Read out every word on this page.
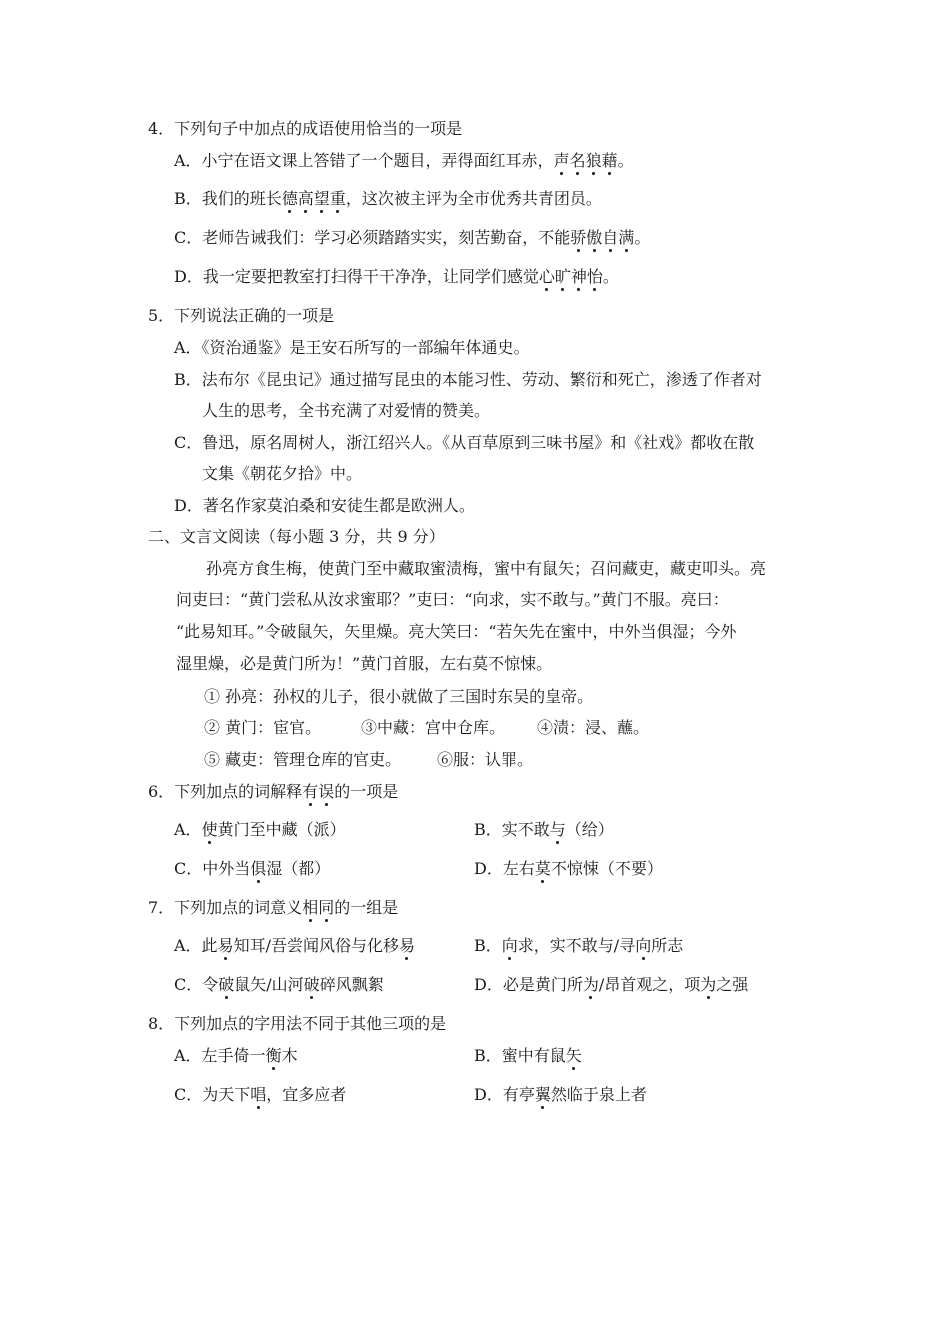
4．下列句子中加点的成语使用恰当的一项是
A．小宁在语文课上答错了一个题目，弄得面红耳赤，声名狼藉。
B．我们的班长德高望重，这次被主评为全市优秀共青团员。
C．老师告诫我们：学习必须踏踏实实，刻苦勤奋，不能骄傲自满。
D．我一定要把教室打扫得干干净净，让同学们感觉心旷神怡。
5．下列说法正确的一项是
A．《资治通鉴》是王安石所写的一部编年体通史。
B．法布尔《昆虫记》通过描写昆虫的本能习性、劳动、繁衍和死亡，渗透了作者对
人生的思考，全书充满了对爱情的赞美。
C．鲁迅，原名周树人，浙江绍兴人。《从百草原到三味书屋》和《社戏》都收在散
文集《朝花夕拾》中。
D．著名作家莫泊桑和安徒生都是欧洲人。
二、文言文阅读（每小题 3 分，共 9 分）
孙亮方食生梅，使黄门至中藏取蜜渍梅，蜜中有鼠矢；召问藏吏，藏吏叩头。亮
问吏曰：“黄门尝私从汝求蜜耶？”吏曰：“向求，实不敢与。”黄门不服。亮曰：
“此易知耳。”令破鼠矢，矢里燥。亮大笑曰：“若矢先在蜜中，中外当俱湿；今外
湿里燥，必是黄门所为！”黄门首服，左右莫不惊悚。
① 孙亮：孙权的儿子，很小就做了三国时东吴的皇帝。
② 黄门：宦官。 ③中藏：宫中仓库。 ④渍：浸、蘸。
⑤ 藏吏：管理仓库的官吏。 ⑥服：认罪。
6．下列加点的词解释有误的一项是
A．使黄门至中藏（派）	B．实不敢与（给）
C．中外当俱湿（都）	D．左右莫不惊悚（不要）
7．下列加点的词意义相同的一组是
A．此易知耳/吾尝闻风俗与化移易	B．向求，实不敢与/寻向所志
C．令破鼠矢/山河破碎风飘絮	D．必是黄门所为/昂首观之，项为之强
8．下列加点的字用法不同于其他三项的是
A．左手倚一衡木	B．蜜中有鼠矢
C．为天下唱，宜多应者	D．有亭翼然临于泉上者
